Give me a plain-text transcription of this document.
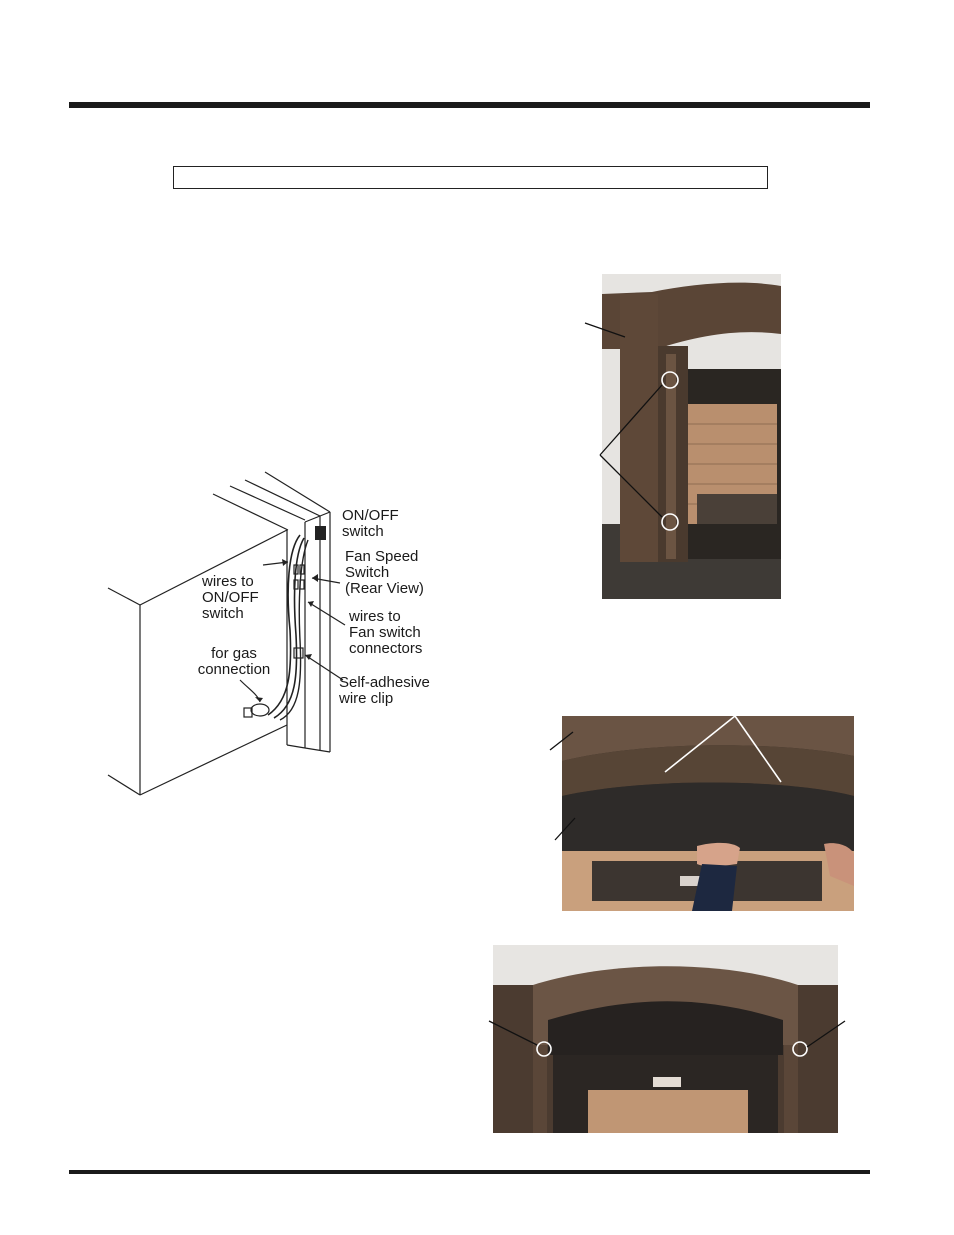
ON/OFF
switch
Fan Speed
Switch
(Rear View)
wires to
ON/OFF
switch	wires to
Fan switch
connectors
for gas
connection
Self-adhesive
wire clip
